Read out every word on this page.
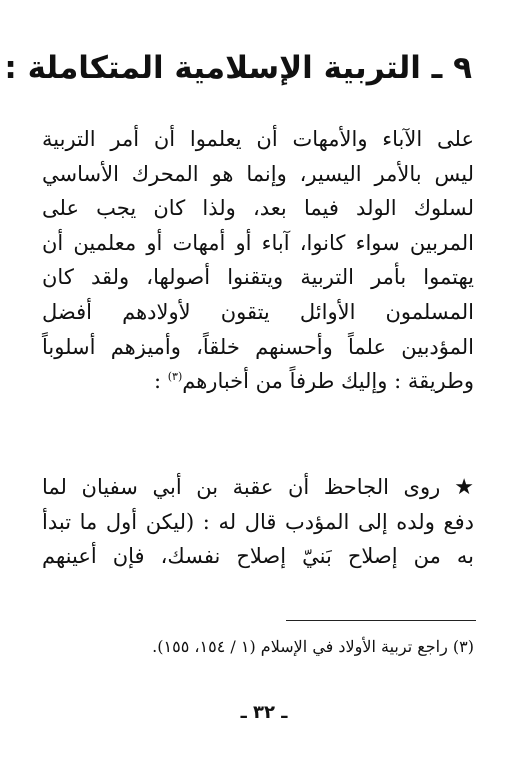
٩ ـ التربية الإسلامية المتكاملة :
على الآباء والأمهات أن يعلموا أن أمر التربية
ليس بالأمر اليسير، وإنما هو المحرك الأساسي
لسلوك الولد فيما بعد، ولذا كان يجب على
المربين سواء كانوا، آباء أو أمهات أو معلمين أن
يهتموا بأمر التربية ويتقنوا أصولها، ولقد كان
المسلمون الأوائل يتقون لأولادهم أفضل
المؤدبين علماً وأحسنهم خلقاً، وأميزهم أسلوباً
وطريقة : وإليك طرفاً من أخبارهم$^{(٣)}$ :
★روى الجاحظ أن عقبة بن أبي سفيان لما
دفع ولده إلى المؤدب قال له : (ليكن أول ما تبدأ
به من إصلاح بَنيّ إصلاح نفسك، فإن أعينهم
(٣) راجع تربية الأولاد في الإسلام (١ / ١٥٤، ١٥٥).
ـ ٣٢ ـ
